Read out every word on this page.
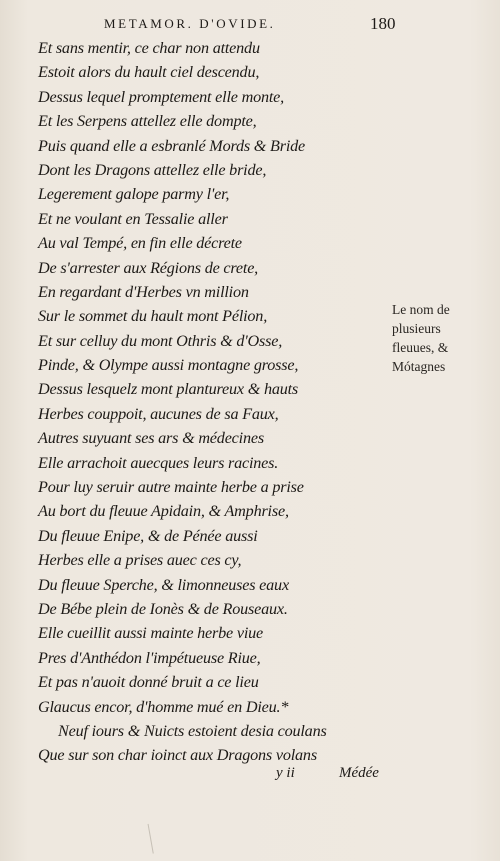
METAMOR. D'OVIDE.	180
Et sans mentir, ce char non attendu
Estoit alors du hault ciel descendu,
Dessus lequel promptement elle monte,
Et les Serpens attellez elle dompte,
Puis quand elle a esbranlé Mords & Bride
Dont les Dragons attellez elle bride,
Legerement galope parmy l'er,
Et ne voulant en Tessalie aller
Au val Tempé, en fin elle décrete
De s'arrester aux Régions de crete,
En regardant d'Herbes vn million
Sur le sommet du hault mont Pélion,
Et sur celluy du mont Othris & d'Osse,
Pinde, & Olympe aussi montagne grosse,
Dessus lesquelz mont plantureux & hauts
Herbes couppoit, aucunes de sa Faux,
Autres suyuant ses ars & médecines
Elle arrachoit auecques leurs racines.
Pour luy seruir autre mainte herbe a prise
Au bort du fleuue Apidain, & Amphrise,
Du fleuue Enipe, & de Pénée aussi
Herbes elle a prises auec ces cy,
Du fleuue Sperche, & limonneuses eaux
De Bébe plein de Ionès & de Rouseaux.
Elle cueillit aussi mainte herbe viue
Pres d'Anthédon l'impétueuse Riue,
Et pas n'auoit donné bruit a ce lieu
Glaucus encor, d'homme mué en Dieu.*
Neuf iours & Nuicts estoient desia coulans
Que sur son char ioinct aux Dragons volans
Le nom de
plusieurs
fleuues, &
Mótagnes
y ii	Médée
